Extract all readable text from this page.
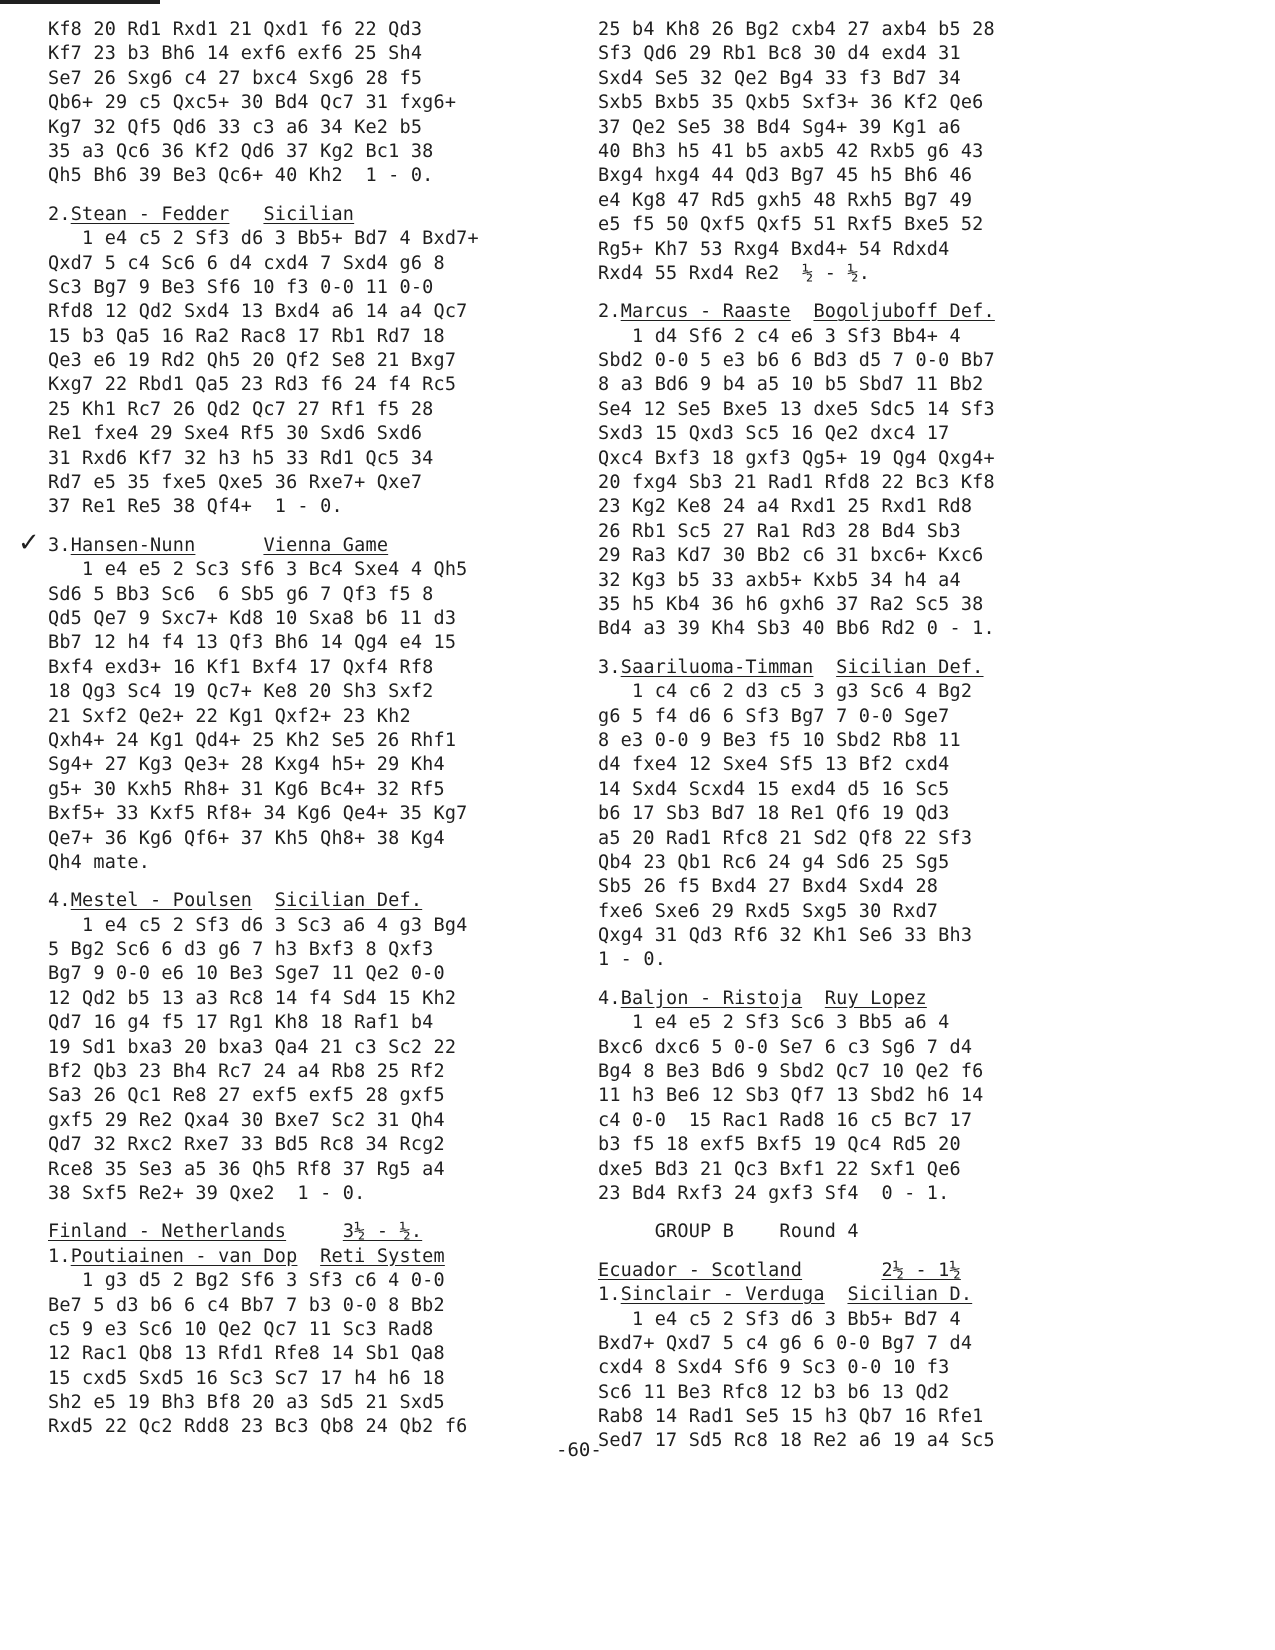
✓
Kf8 20 Rd1 Rxd1 21 Qxd1 f6 22 Qd3
Kf7 23 b3 Bh6 14 exf6 exf6 25 Sh4
Se7 26 Sxg6 c4 27 bxc4 Sxg6 28 f5
Qb6+ 29 c5 Qxc5+ 30 Bd4 Qc7 31 fxg6+
Kg7 32 Qf5 Qd6 33 c3 a6 34 Ke2 b5
35 a3 Qc6 36 Kf2 Qd6 37 Kg2 Bc1 38
Qh5 Bh6 39 Be3 Qc6+ 40 Kh2  1 - 0.
2.Stean - Fedder Sicilian
1 e4 c5 2 Sf3 d6 3 Bb5+ Bd7 4 Bxd7+
Qxd7 5 c4 Sc6 6 d4 cxd4 7 Sxd4 g6 8
Sc3 Bg7 9 Be3 Sf6 10 f3 0-0 11 0-0
Rfd8 12 Qd2 Sxd4 13 Bxd4 a6 14 a4 Qc7
15 b3 Qa5 16 Ra2 Rac8 17 Rb1 Rd7 18
Qe3 e6 19 Rd2 Qh5 20 Qf2 Se8 21 Bxg7
Kxg7 22 Rbd1 Qa5 23 Rd3 f6 24 f4 Rc5
25 Kh1 Rc7 26 Qd2 Qc7 27 Rf1 f5 28
Re1 fxe4 29 Sxe4 Rf5 30 Sxd6 Sxd6
31 Rxd6 Kf7 32 h3 h5 33 Rd1 Qc5 34
Rd7 e5 35 fxe5 Qxe5 36 Rxe7+ Qxe7
37 Re1 Re5 38 Qf4+  1 - 0.
3.Hansen-Nunn	Vienna Game
1 e4 e5 2 Sc3 Sf6 3 Bc4 Sxe4 4 Qh5
Sd6 5 Bb3 Sc6  6 Sb5 g6 7 Qf3 f5 8
Qd5 Qe7 9 Sxc7+ Kd8 10 Sxa8 b6 11 d3
Bb7 12 h4 f4 13 Qf3 Bh6 14 Qg4 e4 15
Bxf4 exd3+ 16 Kf1 Bxf4 17 Qxf4 Rf8
18 Qg3 Sc4 19 Qc7+ Ke8 20 Sh3 Sxf2
21 Sxf2 Qe2+ 22 Kg1 Qxf2+ 23 Kh2
Qxh4+ 24 Kg1 Qd4+ 25 Kh2 Se5 26 Rhf1
Sg4+ 27 Kg3 Qe3+ 28 Kxg4 h5+ 29 Kh4
g5+ 30 Kxh5 Rh8+ 31 Kg6 Bc4+ 32 Rf5
Bxf5+ 33 Kxf5 Rf8+ 34 Kg6 Qe4+ 35 Kg7
Qe7+ 36 Kg6 Qf6+ 37 Kh5 Qh8+ 38 Kg4
Qh4 mate.
4.Mestel - Poulsen Sicilian Def.
1 e4 c5 2 Sf3 d6 3 Sc3 a6 4 g3 Bg4
5 Bg2 Sc6 6 d3 g6 7 h3 Bxf3 8 Qxf3
Bg7 9 0-0 e6 10 Be3 Sge7 11 Qe2 0-0
12 Qd2 b5 13 a3 Rc8 14 f4 Sd4 15 Kh2
Qd7 16 g4 f5 17 Rg1 Kh8 18 Raf1 b4
19 Sd1 bxa3 20 bxa3 Qa4 21 c3 Sc2 22
Bf2 Qb3 23 Bh4 Rc7 24 a4 Rb8 25 Rf2
Sa3 26 Qc1 Re8 27 exf5 exf5 28 gxf5
gxf5 29 Re2 Qxa4 30 Bxe7 Sc2 31 Qh4
Qd7 32 Rxc2 Rxe7 33 Bd5 Rc8 34 Rcg2
Rce8 35 Se3 a5 36 Qh5 Rf8 37 Rg5 a4
38 Sxf5 Re2+ 39 Qxe2  1 - 0.
Finland - Netherlands	3½ - ½.
1.Poutiainen - van Dop Reti System
1 g3 d5 2 Bg2 Sf6 3 Sf3 c6 4 0-0
Be7 5 d3 b6 6 c4 Bb7 7 b3 0-0 8 Bb2
c5 9 e3 Sc6 10 Qe2 Qc7 11 Sc3 Rad8
12 Rac1 Qb8 13 Rfd1 Rfe8 14 Sb1 Qa8
15 cxd5 Sxd5 16 Sc3 Sc7 17 h4 h6 18
Sh2 e5 19 Bh3 Bf8 20 a3 Sd5 21 Sxd5
Rxd5 22 Qc2 Rdd8 23 Bc3 Qb8 24 Qb2 f6
25 b4 Kh8 26 Bg2 cxb4 27 axb4 b5 28
Sf3 Qd6 29 Rb1 Bc8 30 d4 exd4 31
Sxd4 Se5 32 Qe2 Bg4 33 f3 Bd7 34
Sxb5 Bxb5 35 Qxb5 Sxf3+ 36 Kf2 Qe6
37 Qe2 Se5 38 Bd4 Sg4+ 39 Kg1 a6
40 Bh3 h5 41 b5 axb5 42 Rxb5 g6 43
Bxg4 hxg4 44 Qd3 Bg7 45 h5 Bh6 46
e4 Kg8 47 Rd5 gxh5 48 Rxh5 Bg7 49
e5 f5 50 Qxf5 Qxf5 51 Rxf5 Bxe5 52
Rg5+ Kh7 53 Rxg4 Bxd4+ 54 Rdxd4
Rxd4 55 Rxd4 Re2  ½ - ½.
2.Marcus - Raaste Bogoljuboff Def.
1 d4 Sf6 2 c4 e6 3 Sf3 Bb4+ 4
Sbd2 0-0 5 e3 b6 6 Bd3 d5 7 0-0 Bb7
8 a3 Bd6 9 b4 a5 10 b5 Sbd7 11 Bb2
Se4 12 Se5 Bxe5 13 dxe5 Sdc5 14 Sf3
Sxd3 15 Qxd3 Sc5 16 Qe2 dxc4 17
Qxc4 Bxf3 18 gxf3 Qg5+ 19 Qg4 Qxg4+
20 fxg4 Sb3 21 Rad1 Rfd8 22 Bc3 Kf8
23 Kg2 Ke8 24 a4 Rxd1 25 Rxd1 Rd8
26 Rb1 Sc5 27 Ra1 Rd3 28 Bd4 Sb3
29 Ra3 Kd7 30 Bb2 c6 31 bxc6+ Kxc6
32 Kg3 b5 33 axb5+ Kxb5 34 h4 a4
35 h5 Kb4 36 h6 gxh6 37 Ra2 Sc5 38
Bd4 a3 39 Kh4 Sb3 40 Bb6 Rd2 0 - 1.
3.Saariluoma-Timman Sicilian Def.
1 c4 c6 2 d3 c5 3 g3 Sc6 4 Bg2
g6 5 f4 d6 6 Sf3 Bg7 7 0-0 Sge7
8 e3 0-0 9 Be3 f5 10 Sbd2 Rb8 11
d4 fxe4 12 Sxe4 Sf5 13 Bf2 cxd4
14 Sxd4 Scxd4 15 exd4 d5 16 Sc5
b6 17 Sb3 Bd7 18 Re1 Qf6 19 Qd3
a5 20 Rad1 Rfc8 21 Sd2 Qf8 22 Sf3
Qb4 23 Qb1 Rc6 24 g4 Sd6 25 Sg5
Sb5 26 f5 Bxd4 27 Bxd4 Sxd4 28
fxe6 Sxe6 29 Rxd5 Sxg5 30 Rxd7
Qxg4 31 Qd3 Rf6 32 Kh1 Se6 33 Bh3
1 - 0.
4.Baljon - Ristoja Ruy Lopez
1 e4 e5 2 Sf3 Sc6 3 Bb5 a6 4
Bxc6 dxc6 5 0-0 Se7 6 c3 Sg6 7 d4
Bg4 8 Be3 Bd6 9 Sbd2 Qc7 10 Qe2 f6
11 h3 Be6 12 Sb3 Qf7 13 Sbd2 h6 14
c4 0-0  15 Rac1 Rad8 16 c5 Bc7 17
b3 f5 18 exf5 Bxf5 19 Qc4 Rd5 20
dxe5 Bd3 21 Qc3 Bxf1 22 Sxf1 Qe6
23 Bd4 Rxf3 24 gxf3 Sf4  0 - 1.
GROUP B    Round 4
Ecuador - Scotland	2½ - 1½
1.Sinclair - Verduga Sicilian D.
1 e4 c5 2 Sf3 d6 3 Bb5+ Bd7 4
Bxd7+ Qxd7 5 c4 g6 6 0-0 Bg7 7 d4
cxd4 8 Sxd4 Sf6 9 Sc3 0-0 10 f3
Sc6 11 Be3 Rfc8 12 b3 b6 13 Qd2
Rab8 14 Rad1 Se5 15 h3 Qb7 16 Rfe1
Sed7 17 Sd5 Rc8 18 Re2 a6 19 a4 Sc5
-60-
